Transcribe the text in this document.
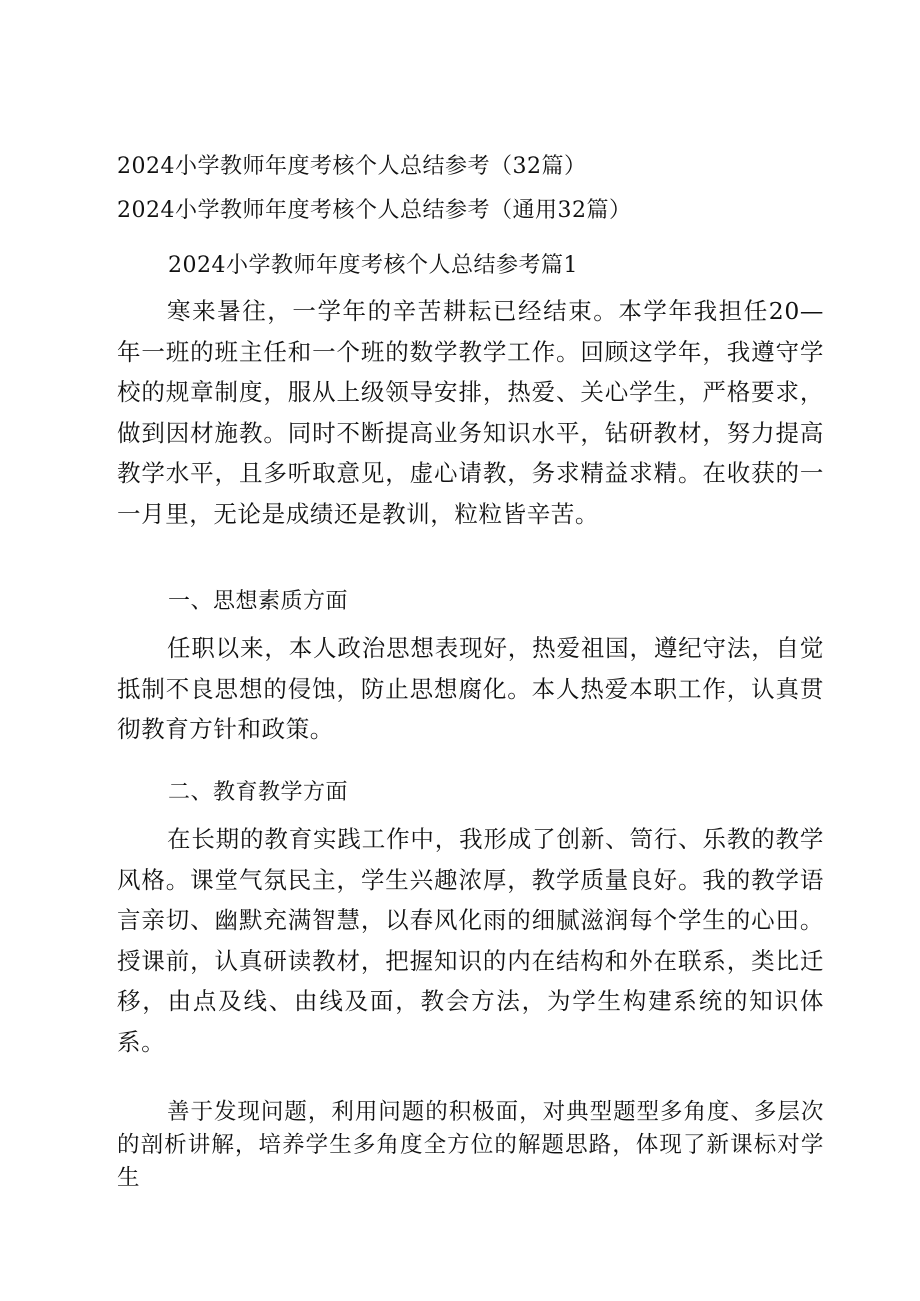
2024小学教师年度考核个人总结参考（32篇）

2024小学教师年度考核个人总结参考（通用32篇）

2024小学教师年度考核个人总结参考篇1

寒来暑往，一学年的辛苦耕耘已经结束。本学年我担任20—年一班的班主任和一个班的数学教学工作。回顾这学年，我遵守学校的规章制度，服从上级领导安排，热爱、关心学生，严格要求，做到因材施教。同时不断提高业务知识水平，钻研教材，努力提高教学水平，且多听取意见，虚心请教，务求精益求精。在收获的一一月里，无论是成绩还是教训，粒粒皆辛苦。

一、思想素质方面

任职以来，本人政治思想表现好，热爱祖国，遵纪守法，自觉抵制不良思想的侵蚀，防止思想腐化。本人热爱本职工作，认真贯彻教育方针和政策。

二、教育教学方面

在长期的教育实践工作中，我形成了创新、笥行、乐教的教学风格。课堂气氛民主，学生兴趣浓厚，教学质量良好。我的教学语言亲切、幽默充满智慧，以春风化雨的细腻滋润每个学生的心田。授课前，认真研读教材，把握知识的内在结构和外在联系，类比迁移，由点及线、由线及面，教会方法，为学生构建系统的知识体系。

善于发现问题，利用问题的积极面，对典型题型多角度、多层次的剖析讲解，培养学生多角度全方位的解题思路，体现了新课标对学生
